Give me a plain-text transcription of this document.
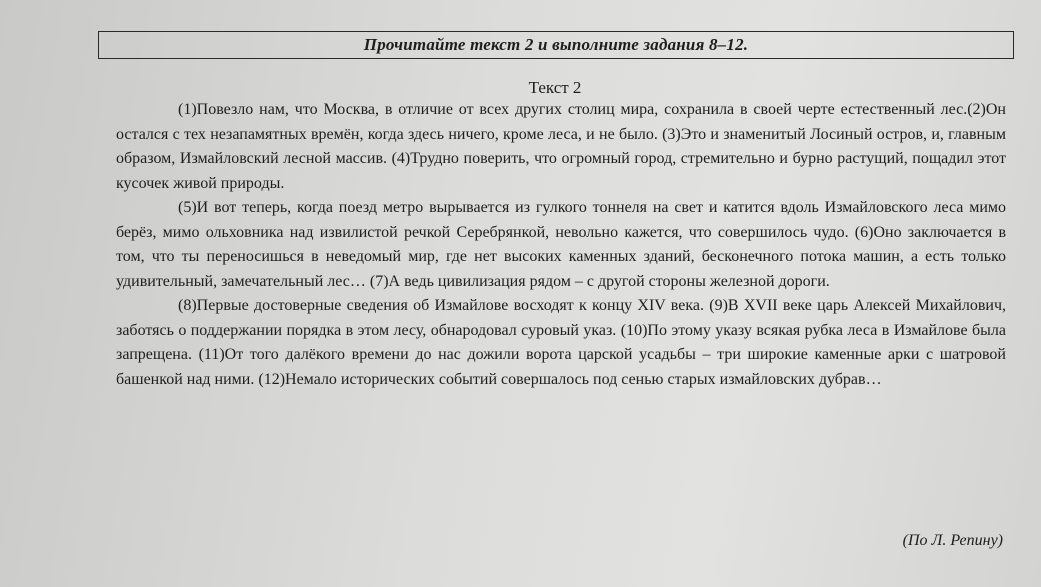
Прочитайте текст 2 и выполните задания 8–12.
Текст 2

(1)Повезло нам, что Москва, в отличие от всех других столиц мира, сохранила в своей черте естественный лес.(2)Он остался с тех незапамятных времён, когда здесь ничего, кроме леса, и не было. (3)Это и знаменитый Лосиный остров, и, главным образом, Измайловский лесной массив. (4)Трудно поверить, что огромный город, стремительно и бурно растущий, пощадил этот кусочек живой природы.

(5)И вот теперь, когда поезд метро вырывается из гулкого тоннеля на свет и катится вдоль Измайловского леса мимо берёз, мимо ольховника над извилистой речкой Серебрянкой, невольно кажется, что совершилось чудо. (6)Оно заключается в том, что ты переносишься в неведомый мир, где нет высоких каменных зданий, бесконечного потока машин, а есть только удивительный, замечательный лес… (7)А ведь цивилизация рядом – с другой стороны железной дороги.

(8)Первые достоверные сведения об Измайлове восходят к концу XIV века. (9)В XVII веке царь Алексей Михайлович, заботясь о поддержании порядка в этом лесу, обнародовал суровый указ. (10)По этому указу всякая рубка леса в Измайлове была запрещена. (11)От того далёкого времени до нас дожили ворота царской усадьбы – три широкие каменные арки с шатровой башенкой над ними. (12)Немало исторических событий совершалось под сенью старых измайловских дубрав…

(По Л. Репину)
